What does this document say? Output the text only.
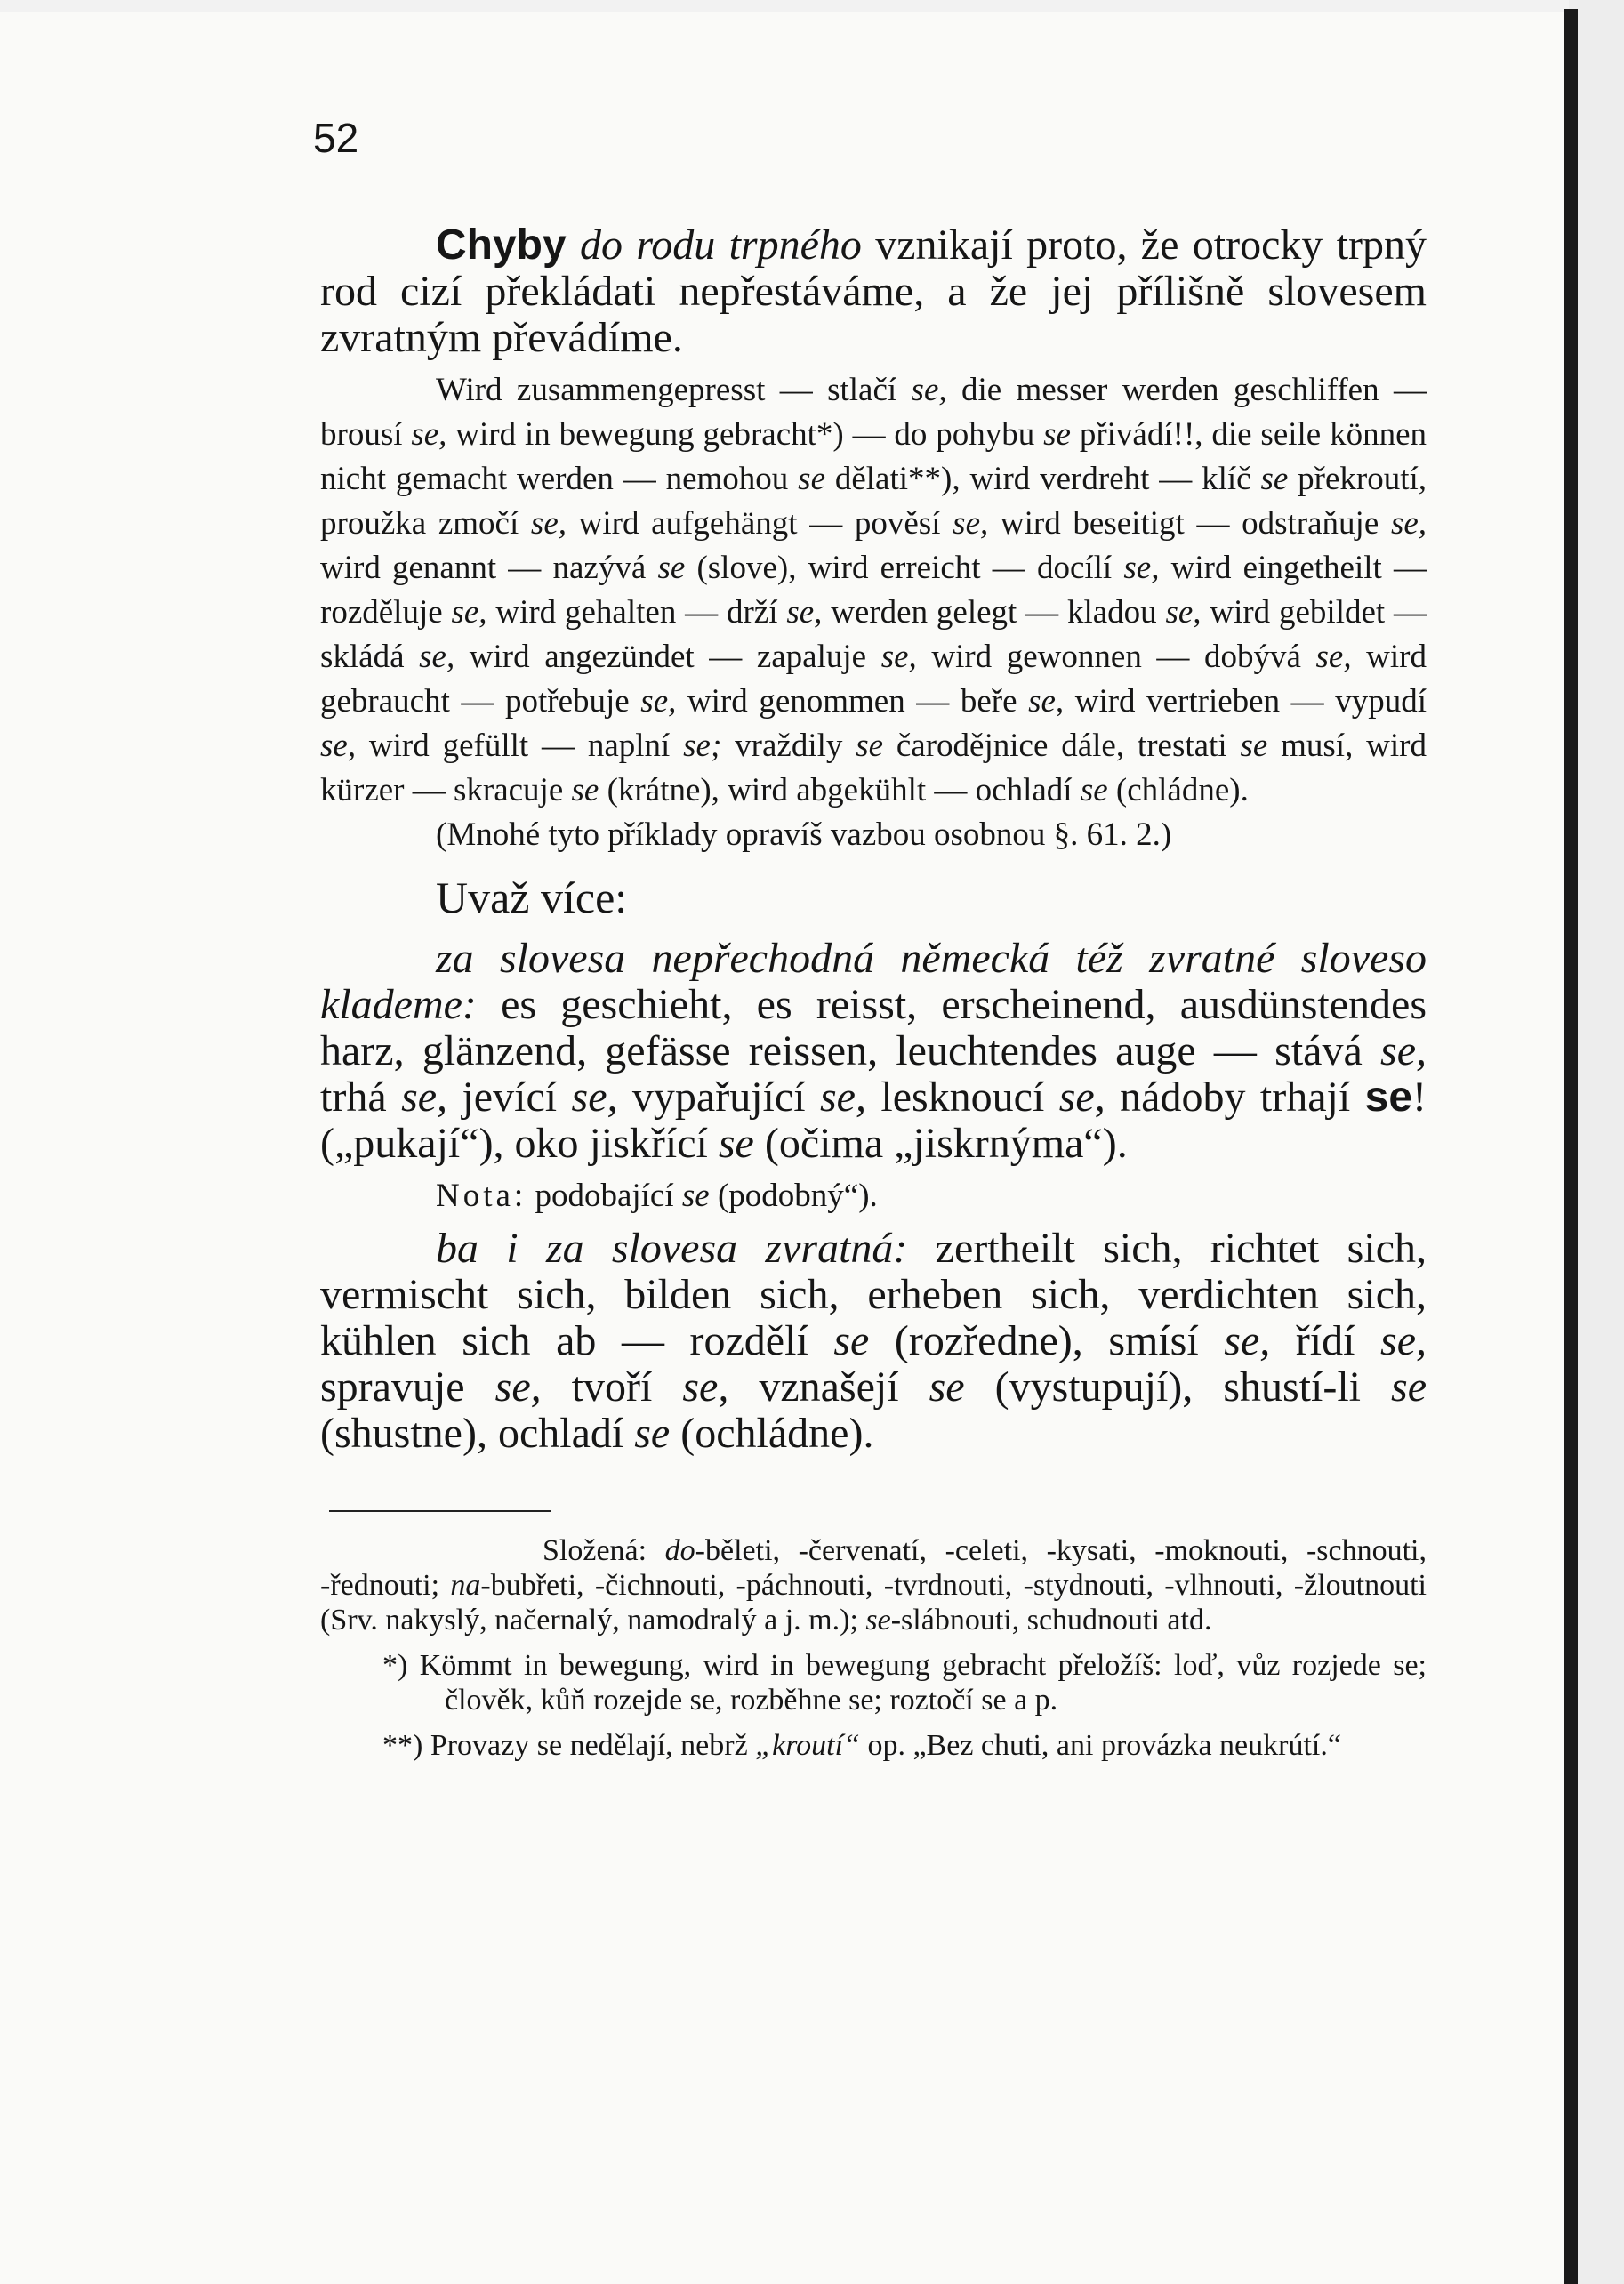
52

Chyby do rodu trpného vznikají proto, že otrocky trpný rod cizí překládati nepřestáváme, a že jej přílišně slovesem zvratným převádíme.

Wird zusammengepresst — stlačí se, die messer werden geschliffen — brousí se, wird in bewegung gebracht*) — do pohybu se přivádí!!, die seile können nicht gemacht werden — nemohou se dělati**), wird verdreht — klíč se překroutí, proužka zmočí se, wird aufgehängt — pověsí se, wird beseitigt — odstraňuje se, wird genannt — nazývá se (slove), wird erreicht — docílí se, wird eingetheilt — rozděluje se, wird gehalten — drží se, werden gelegt — kladou se, wird gebildet — skládá se, wird angezündet — zapaluje se, wird gewonnen — dobývá se, wird gebraucht — potřebuje se, wird genommen — beře se, wird vertrieben — vypudí se, wird gefüllt — naplní se; vraždily se čarodějnice dále, trestati se musí, wird kürzer — skracuje se (krátne), wird abgekühlt — ochladí se (chládne).

(Mnohé tyto příklady opravíš vazbou osobnou §. 61. 2.)

Uvaž více:

za slovesa nepřechodná německá též zvratné sloveso klademe: es geschieht, es reisst, erscheinend, ausdünstendes harz, glänzend, gefässe reissen, leuchtendes auge — stává se, trhá se, jevící se, vypařující se, lesknoucí se, nádoby trhají se! („pukají“), oko jiskřící se (očima „jiskrnýma“).

Nota: podobající se (podobný“).

ba i za slovesa zvratná: zertheilt sich, richtet sich, vermischt sich, bilden sich, erheben sich, verdichten sich, kühlen sich ab — rozdělí se (rozředne), smísí se, řídí se, spravuje se, tvoří se, vznašejí se (vystupují), shustí-li se (shustne), ochladí se (ochládne).

Složená: do-běleti, -červenatí, -celeti, -kysati, -moknouti, -schnouti, -řednouti; na-bubřeti, -čichnouti, -páchnouti, -tvrdnouti, -stydnouti, -vlhnouti, -žloutnouti (Srv. nakyslý, načernalý, namodralý a j. m.); se-slábnouti, schudnouti atd.

*) Kömmt in bewegung, wird in bewegung gebracht přeložíš: loď, vůz rozjede se; člověk, kůň rozejde se, rozběhne se; roztočí se a p.

**) Provazy se nedělají, nebrž „kroutí“ op. „Bez chuti, ani provázka neukrútí.“
